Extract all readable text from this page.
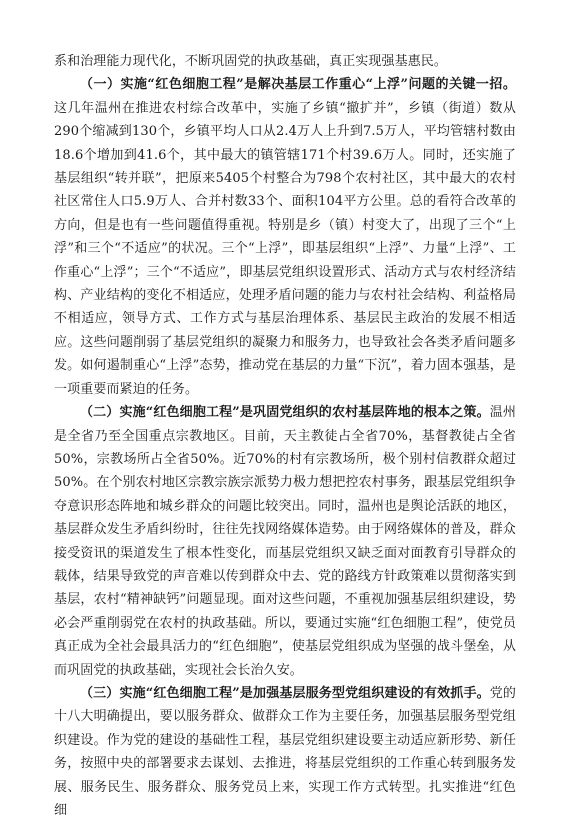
系和治理能力现代化，不断巩固党的执政基础，真正实现强基惠民。

（一）实施“红色细胞工程”是解决基层工作重心“上浮”问题的关键一招。这几年温州在推进农村综合改革中，实施了乡镇“撤扩并”，乡镇（街道）数从290个缩减到130个，乡镇平均人口从2.4万人上升到7.5万人，平均管辖村数由18.6个增加到41.6个，其中最大的镇管辖171个村39.6万人。同时，还实施了基层组织“转并联”，把原来5405个村整合为798个农村社区，其中最大的农村社区常住人口5.9万人、合并村数33个、面积104平方公里。总的看符合改革的方向，但是也有一些问题值得重视。特别是乡（镇）村变大了，出现了三个“上浮”和三个“不适应”的状况。三个“上浮”，即基层组织“上浮”、力量“上浮”、工作重心“上浮”；三个“不适应”，即基层党组织设置形式、活动方式与农村经济结构、产业结构的变化不相适应，处理矛盾问题的能力与农村社会结构、利益格局不相适应，领导方式、工作方式与基层治理体系、基层民主政治的发展不相适应。这些问题削弱了基层党组织的凝聚力和服务力，也导致社会各类矛盾问题多发。如何遏制重心“上浮”态势，推动党在基层的力量“下沉”，着力固本强基，是一项重要而紧迫的任务。

（二）实施“红色细胞工程”是巩固党组织的农村基层阵地的根本之策。温州是全省乃至全国重点宗教地区。目前，天主教徒占全省70%，基督教徒占全省50%，宗教场所占全省50%。近70%的村有宗教场所，极个别村信教群众超过50%。在个别农村地区宗教宗族宗派势力极力想把控农村事务，跟基层党组织争夺意识形态阵地和城乡群众的问题比较突出。同时，温州也是舆论活跃的地区，基层群众发生矛盾纠纷时，往往先找网络媒体造势。由于网络媒体的普及，群众接受资讯的渠道发生了根本性变化，而基层党组织又缺乏面对面教育引导群众的载体，结果导致党的声音难以传到群众中去、党的路线方针政策难以贯彻落实到基层，农村“精神缺钙”问题显现。面对这些问题，不重视加强基层组织建设，势必会严重削弱党在农村的执政基础。所以，要通过实施“红色细胞工程”，使党员真正成为全社会最具活力的“红色细胞”，使基层党组织成为坚强的战斗堡垒，从而巩固党的执政基础，实现社会长治久安。

（三）实施“红色细胞工程”是加强基层服务型党组织建设的有效抓手。党的十八大明确提出，要以服务群众、做群众工作为主要任务，加强基层服务型党组织建设。作为党的建设的基础性工程，基层党组织建设要主动适应新形势、新任务，按照中央的部署要求去谋划、去推进，将基层党组织的工作重心转到服务发展、服务民生、服务群众、服务党员上来，实现工作方式转型。扎实推进“红色细
